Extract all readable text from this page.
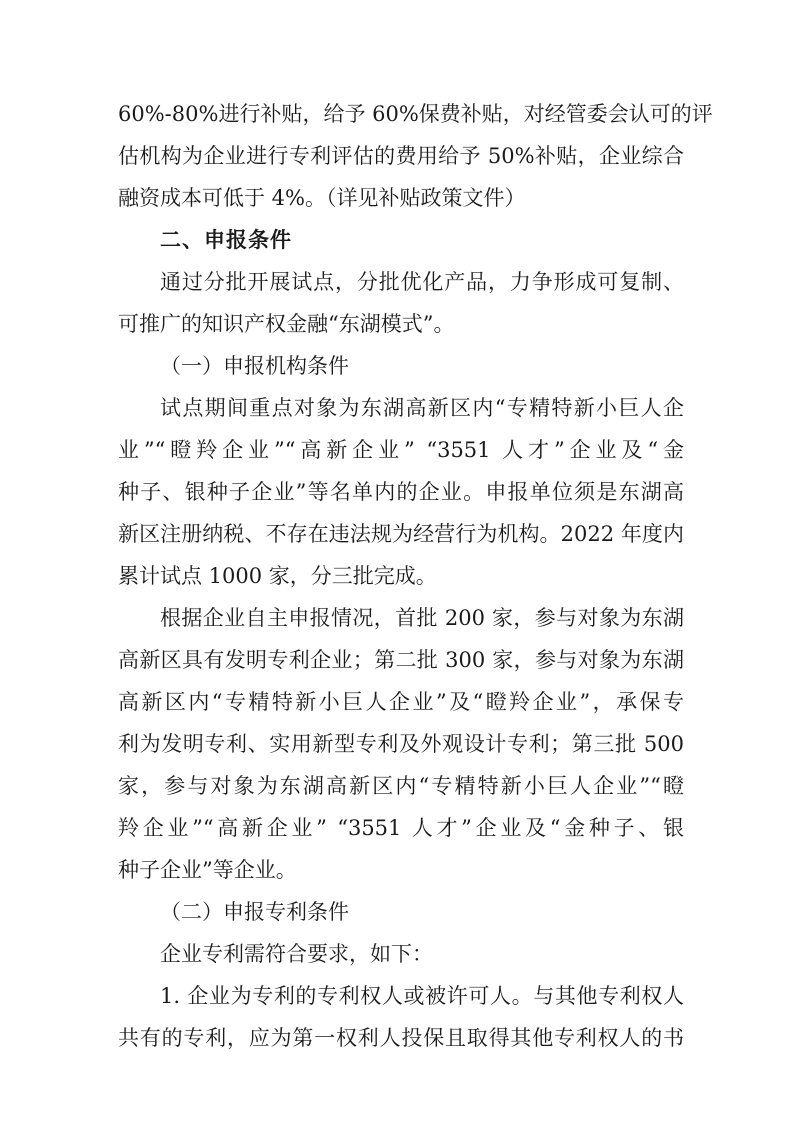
60%-80%进行补贴，给予 60%保费补贴，对经管委会认可的评
估机构为企业进行专利评估的费用给予 50%补贴，企业综合
融资成本可低于 4%。（详见补贴政策文件）
二、申报条件
通过分批开展试点，分批优化产品，力争形成可复制、
可推广的知识产权金融“东湖模式”。
（一）申报机构条件
试点期间重点对象为东湖高新区内“专精特新小巨人企
业”“瞪羚企业”“高新企业” “3551 人才”企业及“金
种子、银种子企业”等名单内的企业。申报单位须是东湖高
新区注册纳税、不存在违法规为经营行为机构。2022 年度内
累计试点 1000 家，分三批完成。
根据企业自主申报情况，首批 200 家，参与对象为东湖
高新区具有发明专利企业；第二批 300 家，参与对象为东湖
高新区内“专精特新小巨人企业”及“瞪羚企业”，承保专
利为发明专利、实用新型专利及外观设计专利；第三批 500
家，参与对象为东湖高新区内“专精特新小巨人企业”“瞪
羚企业”“高新企业” “3551 人才”企业及“金种子、银
种子企业”等企业。
（二）申报专利条件
企业专利需符合要求，如下：
1. 企业为专利的专利权人或被许可人。与其他专利权人
共有的专利，应为第一权利人投保且取得其他专利权人的书
